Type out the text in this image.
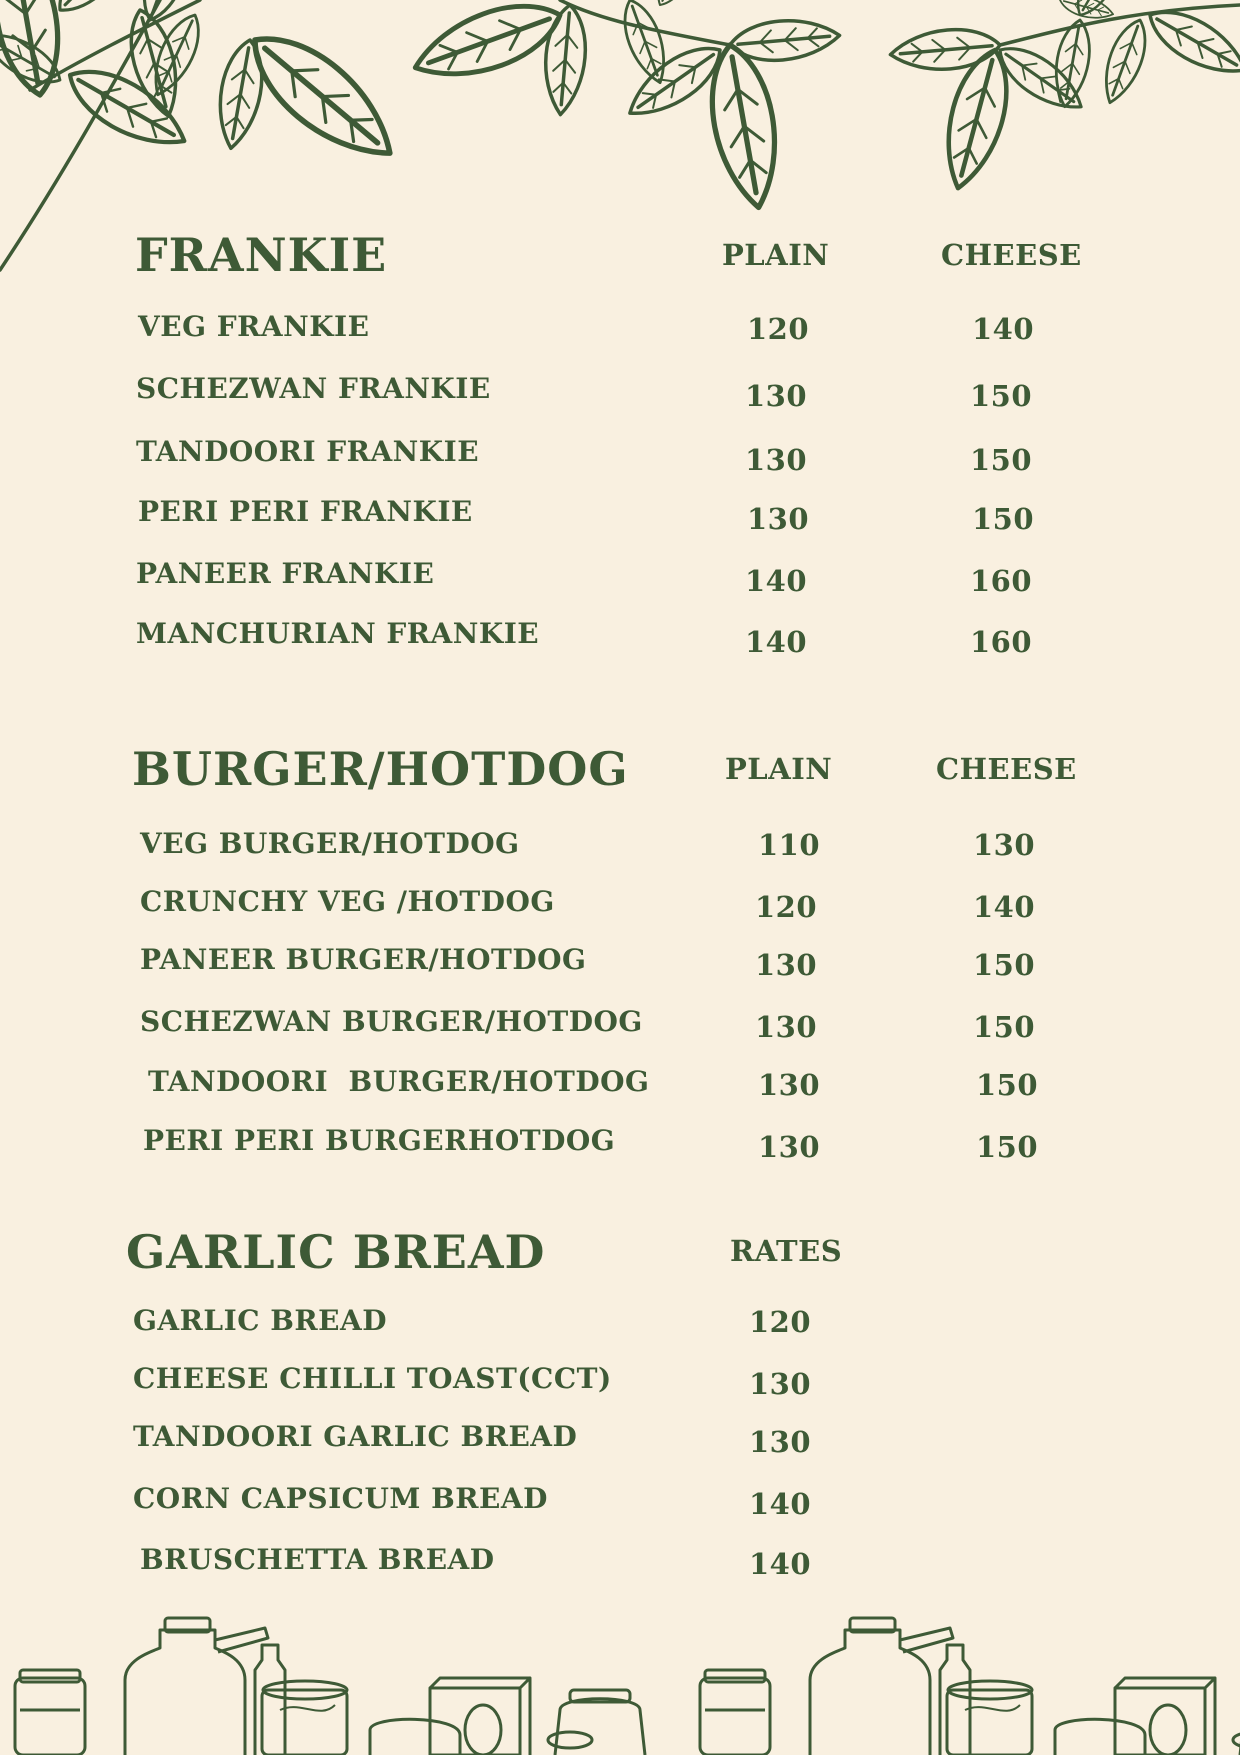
FRANKIE	PLAIN	CHEESE
VEG FRANKIE	120	140
SCHEZWAN FRANKIE	130	150
TANDOORI FRANKIE	130	150
PERI PERI FRANKIE	130	150
PANEER FRANKIE	140	160
MANCHURIAN FRANKIE	140	160
BURGER/HOTDOG	PLAIN	CHEESE
VEG BURGER/HOTDOG	110	130
CRUNCHY VEG /HOTDOG	120	140
PANEER BURGER/HOTDOG	130	150
SCHEZWAN BURGER/HOTDOG	130	150
TANDOORI  BURGER/HOTDOG	130	150
PERI PERI BURGERHOTDOG	130	150
GARLIC BREAD	RATES
GARLIC BREAD	120
CHEESE CHILLI TOAST(CCT)	130
TANDOORI GARLIC BREAD	130
CORN CAPSICUM BREAD	140
BRUSCHETTA BREAD	140
